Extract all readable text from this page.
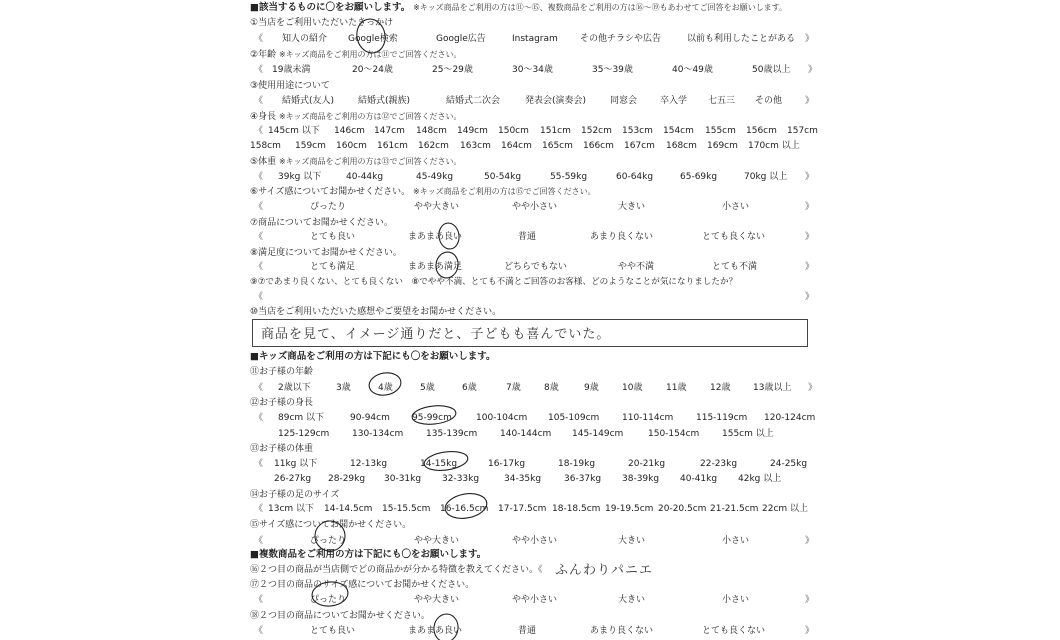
■該当するものに〇をお願いします。 ※キッズ商品をご利用の方は⑪～⑮、複数商品をご利用の方は⑯～⑲もあわせてご回答をお願いします。
①当店をご利用いただいたきっかけ
《 知人の紹介 Google検索	Google広告	Instagram その他チラシや広告	以前も利用したことがある 》
②年齢 ※キッズ商品をご利用の方は⑪でご回答ください。
《 19歳未満	20～24歳	25～29歳	30～34歳	35～39歳	40～49歳	50歳以上 》
③使用用途について
《 結婚式(友人)	結婚式(親族)	結婚式二次会	発表会(演奏会)	同窓会	卒入学 七五三 その他	》
④身長 ※キッズ商品をご利用の方は⑫でご回答ください。
《 145cm 以下 146cm 147cm 148cm 149cm 150cm 151cm 152cm 153cm 154cm 155cm 156cm 157cm
158cm 159cm 160cm 161cm 162cm 163cm 164cm 165cm 166cm 167cm 168cm 169cm 170cm 以上
⑤体重 ※キッズ商品をご利用の方は⑬でご回答ください。
《 39kg 以下	40-44kg	45-49kg	50-54kg	55-59kg	60-64kg	65-69kg	70kg 以上 》
⑥サイズ感についてお聞かせください。 ※キッズ商品をご利用の方は⑮でご回答ください。
《	ぴったり	やや大きい	やや小さい	大きい	小さい	》
⑦商品についてお聞かせください。
《	とても良い	まあまあ良い	普通	あまり良くない	とても良くない	》
⑧満足度についてお聞かせください。
《	とても満足	まあまあ満足	どちらでもない	やや不満	とても不満	》
⑨⑦であまり良くない、とても良くない　⑧でやや不満、とても不満とご回答のお客様、どのようなことが気になりましたか？
《	》
⑩当店をご利用いただいた感想やご要望をお聞かせください。
商品を見て、イメージ通りだと、子どもも喜んでいた。
■キッズ商品をご利用の方は下記にも〇をお願いします。
⑪お子様の年齢
《 2歳以下	3歳	4歳	5歳	6歳	7歳	8歳	9歳	10歳	11歳	12歳	13歳以上 》
⑫お子様の身長
《 89cm 以下	90-94cm 95-99cm	100-104cm 105-109cm	110-114cm	115-119cm 120-124cm
125-129cm	130-134cm	135-139cm	140-144cm 145-149cm	150-154cm	155cm 以上
⑬お子様の体重
《 11kg 以下	12-13kg	14-15kg	16-17kg	18-19kg	20-21kg	22-23kg	24-25kg
26-27kg 28-29kg 30-31kg 32-33kg	34-35kg	36-37kg 38-39kg 40-41kg 42kg 以上
⑭お子様の足のサイズ
《 13cm 以下 14-14.5cm 15-15.5cm 16-16.5cm 17-17.5cm 18-18.5cm 19-19.5cm 20-20.5cm 21-21.5cm 22cm 以上
⑮サイズ感についてお聞かせください。
《	ぴったり	やや大きい	やや小さい	大きい	小さい	》
■複数商品をご利用の方は下記にも〇をお願いします。
⑯２つ目の商品が当店側でどの商品かが分かる特徴を教えてください。《 ふんわりパニエ
⑰２つ目の商品のサイズ感についてお聞かせください。
《	ぴったり	やや大きい	やや小さい	大きい	小さい	》
⑱２つ目の商品についてお聞かせください。
《	とても良い	まあまあ良い	普通	あまり良くない	とても良くない	》
